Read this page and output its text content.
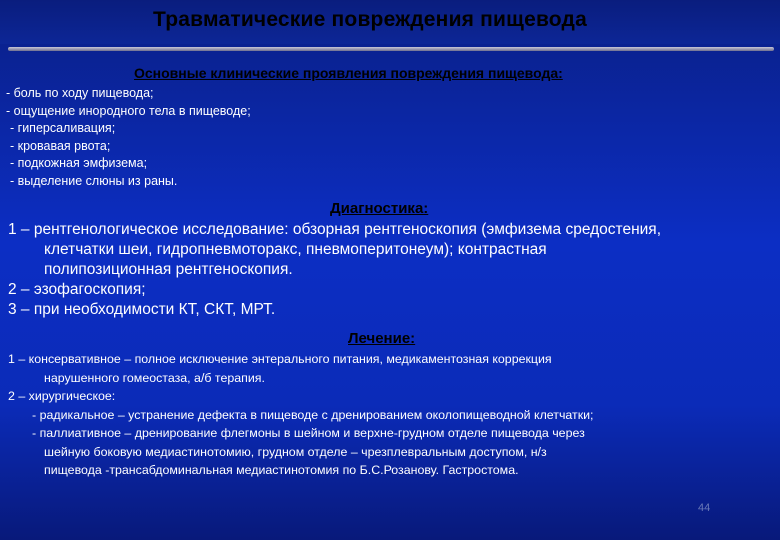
Травматические повреждения пищевода
Основные клинические проявления повреждения пищевода:
- боль по ходу пищевода;
- ощущение инородного тела в пищеводе;
- гиперсаливация;
- кровавая рвота;
- подкожная эмфизема;
- выделение слюны из раны.
Диагностика:
1 – рентгенологическое исследование: обзорная рентгеноскопия (эмфизема средостения,
клетчатки шеи, гидропневмоторакс, пневмоперитонеум); контрастная
полипозиционная рентгеноскопия.
2 – эзофагоскопия;
3 – при необходимости КТ, СКТ, МРТ.
Лечение:
1 – консервативное – полное исключение энтерального питания, медикаментозная коррекция
нарушенного гомеостаза, а/б терапия.
2 – хирургическое:
- радикальное – устранение дефекта в пищеводе с дренированием околопищеводной клетчатки;
- паллиативное – дренирование флегмоны в шейном и верхне-грудном отделе пищевода через
шейную боковую медиастинотомию, грудном отделе – чрезплевральным доступом, н/з
пищевода -трансабдоминальная медиастинотомия по Б.С.Розанову. Гастростома.
44
